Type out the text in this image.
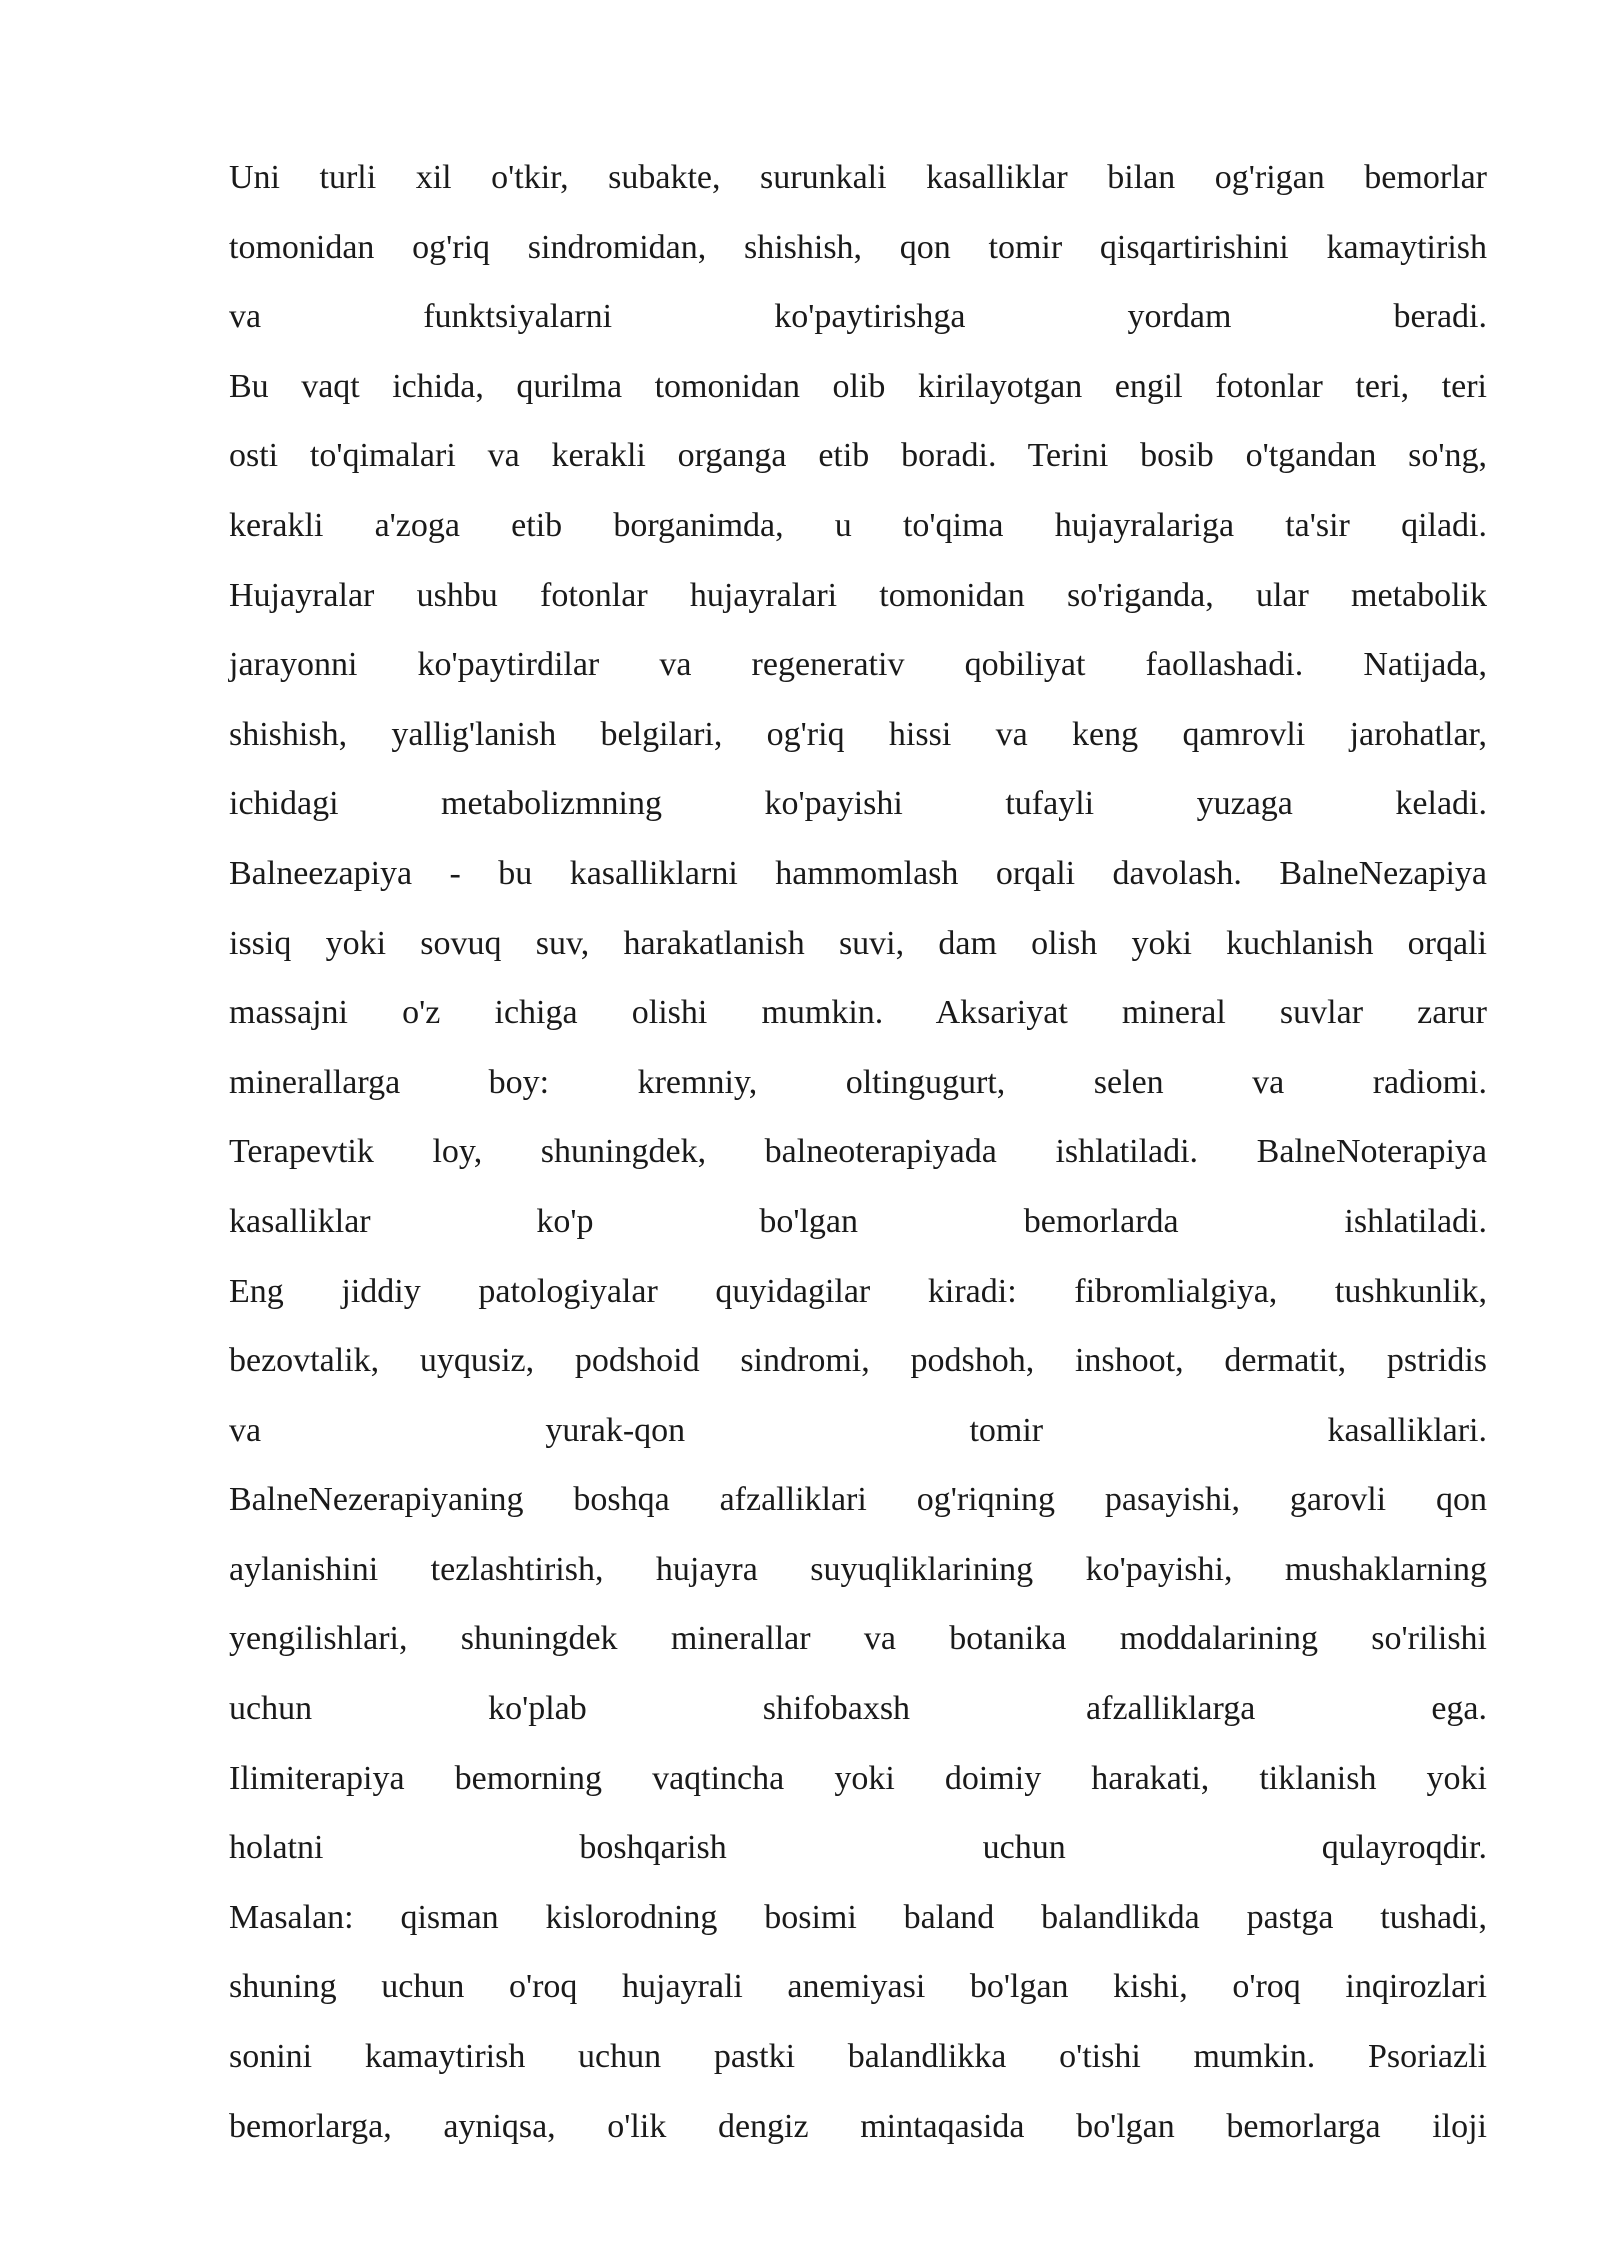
Uni turli xil o'tkir, subakte, surunkali kasalliklar bilan og'rigan bemorlar
tomonidan og'riq sindromidan, shishish, qon tomir qisqartirishini kamaytirish
va funktsiyalarni ko'paytirishga yordam beradi.
Bu vaqt ichida, qurilma tomonidan olib kirilayotgan engil fotonlar teri, teri
osti to'qimalari va kerakli organga etib boradi. Terini bosib o'tgandan so'ng,
kerakli a'zoga etib borganimda, u to'qima hujayralariga ta'sir qiladi.
Hujayralar ushbu fotonlar hujayralari tomonidan so'riganda, ular metabolik
jarayonni ko'paytirdilar va regenerativ qobiliyat faollashadi. Natijada,
shishish, yallig'lanish belgilari, og'riq hissi va keng qamrovli jarohatlar,
ichidagi metabolizmning ko'payishi tufayli yuzaga keladi.
Balneezapiya - bu kasalliklarni hammomlash orqali davolash. BalneNezapiya
issiq yoki sovuq suv, harakatlanish suvi, dam olish yoki kuchlanish orqali
massajni o'z ichiga olishi mumkin. Aksariyat mineral suvlar zarur
minerallarga boy: kremniy, oltingugurt, selen va radiomi.
Terapevtik loy, shuningdek, balneoterapiyada ishlatiladi. BalneNoterapiya
kasalliklar ko'p bo'lgan bemorlarda ishlatiladi.
Eng jiddiy patologiyalar quyidagilar kiradi: fibromlialgiya, tushkunlik,
bezovtalik, uyqusiz, podshoid sindromi, podshoh, inshoot, dermatit, pstridis
va yurak-qon tomir kasalliklari.
BalneNezerapiyaning boshqa afzalliklari og'riqning pasayishi, garovli qon
aylanishini tezlashtirish, hujayra suyuqliklarining ko'payishi, mushaklarning
yengilishlari, shuningdek minerallar va botanika moddalarining so'rilishi
uchun ko'plab shifobaxsh afzalliklarga ega.
Ilimiterapiya bemorning vaqtincha yoki doimiy harakati, tiklanish yoki
holatni boshqarish uchun qulayroqdir.
Masalan: qisman kislorodning bosimi baland balandlikda pastga tushadi,
shuning uchun o'roq hujayrali anemiyasi bo'lgan kishi, o'roq inqirozlari
sonini kamaytirish uchun pastki balandlikka o'tishi mumkin. Psoriazli
bemorlarga, ayniqsa, o'lik dengiz mintaqasida bo'lgan bemorlarga iloji
